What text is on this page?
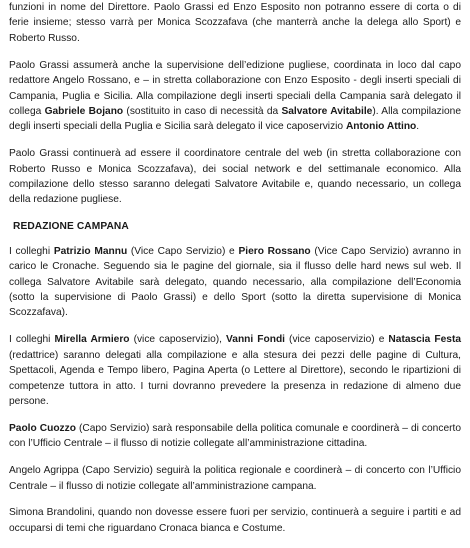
funzioni in nome del Direttore. Paolo Grassi ed Enzo Esposito non potranno essere di corta o di ferie insieme; stesso varrà per Monica Scozzafava (che manterrà anche la delega allo Sport) e Roberto Russo.

Paolo Grassi assumerà anche la supervisione dell’edizione pugliese, coordinata in loco dal capo redattore Angelo Rossano, e – in stretta collaborazione con Enzo Esposito - degli inserti speciali di Campania, Puglia e Sicilia. Alla compilazione degli inserti speciali della Campania sarà delegato il collega Gabriele Bojano (sostituito in caso di necessità da Salvatore Avitabile). Alla compilazione degli inserti speciali della Puglia e Sicilia sarà delegato il vice caposervizio Antonio Attino.

Paolo Grassi continuerà ad essere il coordinatore centrale del web (in stretta collaborazione con Roberto Russo e Monica Scozzafava), dei social network e del settimanale economico. Alla compilazione dello stesso saranno delegati Salvatore Avitabile e, quando necessario, un collega della redazione pugliese.

REDAZIONE CAMPANA

I colleghi Patrizio Mannu (Vice Capo Servizio) e Piero Rossano (Vice Capo Servizio) avranno in carico le Cronache. Seguendo sia le pagine del giornale, sia il flusso delle hard news sul web. Il collega Salvatore Avitabile sarà delegato, quando necessario, alla compilazione dell’Economia (sotto la supervisione di Paolo Grassi) e dello Sport (sotto la diretta supervisione di Monica Scozzafava).

I colleghi Mirella Armiero (vice caposervizio), Vanni Fondi (vice caposervizio) e Natascia Festa (redattrice) saranno delegati alla compilazione e alla stesura dei pezzi delle pagine di Cultura, Spettacoli, Agenda e Tempo libero, Pagina Aperta (o Lettere al Direttore), secondo le ripartizioni di competenze tuttora in atto. I turni dovranno prevedere la presenza in redazione di almeno due persone.

Paolo Cuozzo (Capo Servizio) sarà responsabile della politica comunale e coordinerà – di concerto con l’Ufficio Centrale – il flusso di notizie collegate all’amministrazione cittadina.

Angelo Agrippa (Capo Servizio) seguirà la politica regionale e coordinerà – di concerto con l’Ufficio Centrale – il flusso di notizie collegate all’amministrazione campana.

Simona Brandolini, quando non dovesse essere fuori per servizio, continuerà a seguire i partiti e ad occuparsi di temi che riguardano Cronaca bianca e Costume.
